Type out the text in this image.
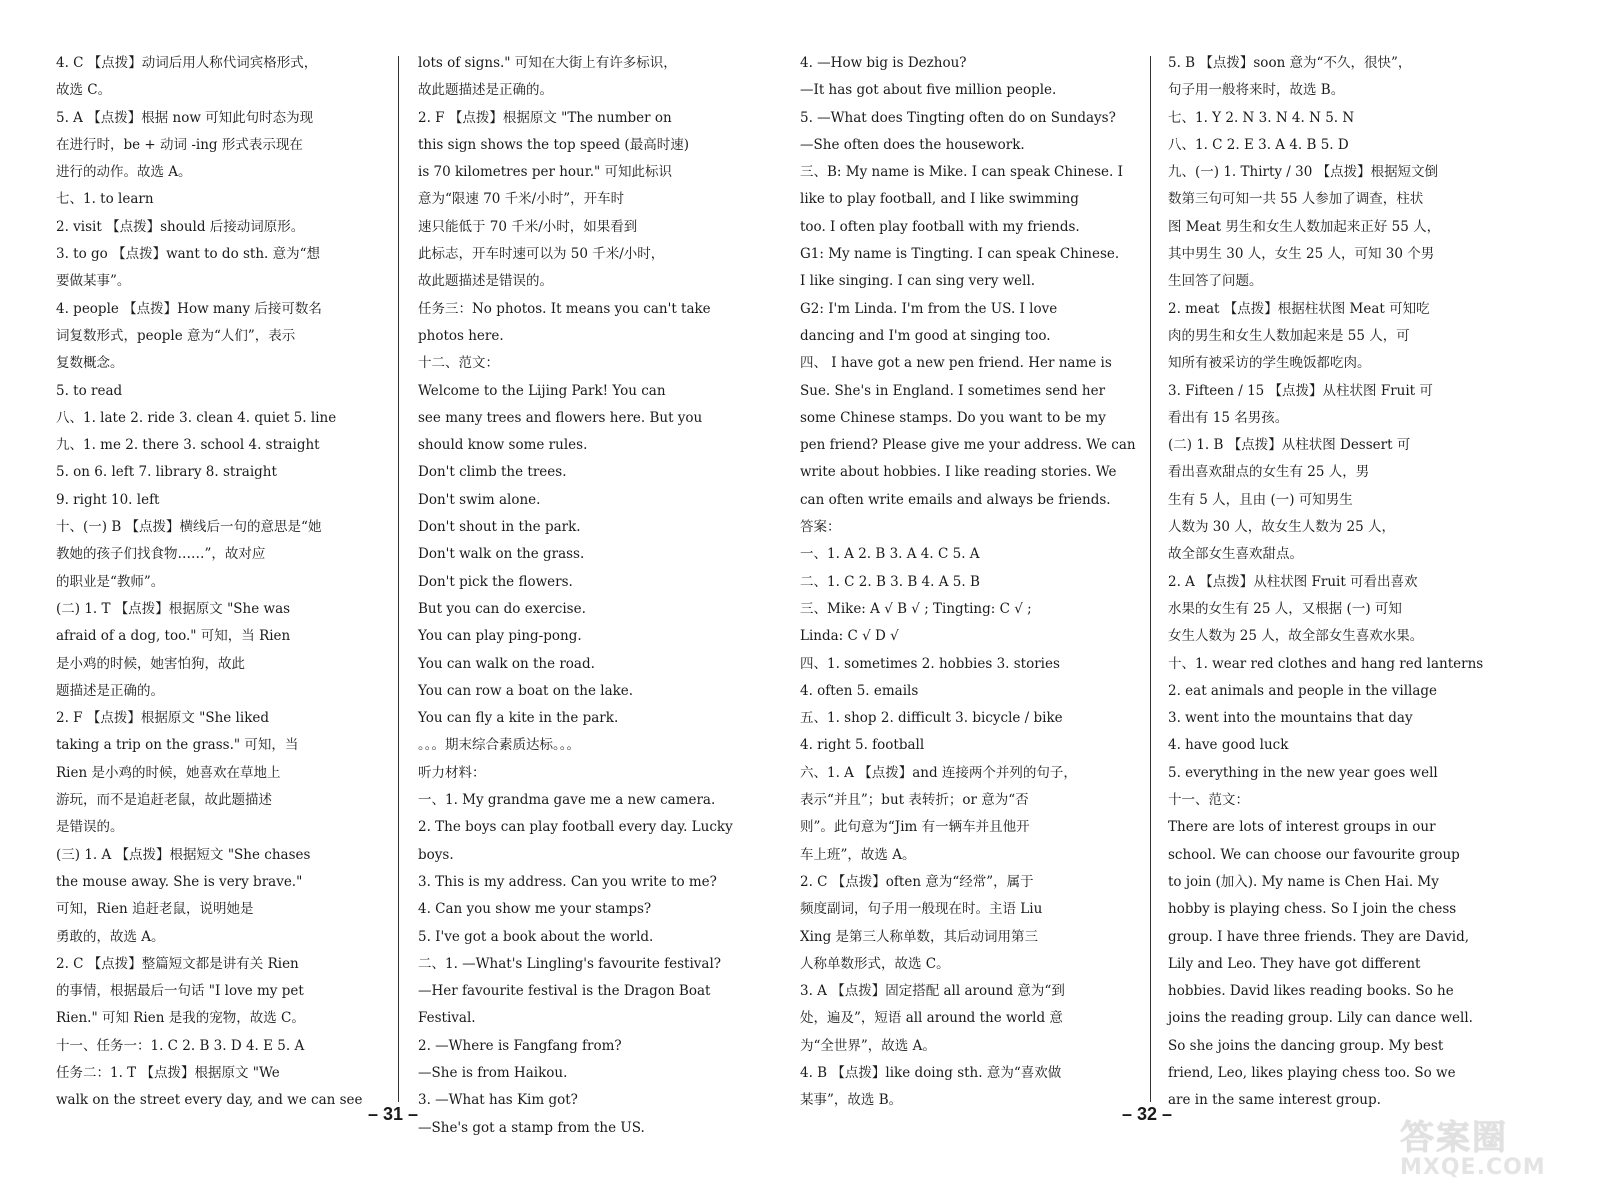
4. C 【点拨】动词后用人称代词宾格形式，
故选 C。
5. A 【点拨】根据 now 可知此句时态为现
在进行时，be + 动词 -ing 形式表示现在
进行的动作。故选 A。
七、1. to learn
2. visit 【点拨】should 后接动词原形。
3. to go 【点拨】want to do sth. 意为“想
要做某事”。
4. people 【点拨】How many 后接可数名
词复数形式，people 意为“人们”，表示
复数概念。
5. to read
八、1. late 2. ride 3. clean 4. quiet 5. line
九、1. me 2. there 3. school 4. straight
5. on 6. left 7. library 8. straight
9. right 10. left
十、(一) B 【点拨】横线后一句的意思是“她
教她的孩子们找食物……”，故对应
的职业是“教师”。
(二) 1. T 【点拨】根据原文 "She was
afraid of a dog, too." 可知，当 Rien
是小鸡的时候，她害怕狗，故此
题描述是正确的。
2. F 【点拨】根据原文 "She liked
taking a trip on the grass." 可知，当
Rien 是小鸡的时候，她喜欢在草地上
游玩，而不是追赶老鼠，故此题描述
是错误的。
(三) 1. A 【点拨】根据短文 "She chases
the mouse away. She is very brave."
可知，Rien 追赶老鼠，说明她是
勇敢的，故选 A。
2. C 【点拨】整篇短文都是讲有关 Rien
的事情，根据最后一句话 "I love my pet
Rien." 可知 Rien 是我的宠物，故选 C。
十一、任务一：1. C 2. B 3. D 4. E 5. A
任务二：1. T 【点拨】根据原文 "We
walk on the street every day, and we can see
lots of signs." 可知在大街上有许多标识，
故此题描述是正确的。
2. F 【点拨】根据原文 "The number on
this sign shows the top speed (最高时速)
is 70 kilometres per hour." 可知此标识
意为“限速 70 千米/小时”，开车时
速只能低于 70 千米/小时，如果看到
此标志，开车时速可以为 50 千米/小时，
故此题描述是错误的。
任务三：No photos. It means you can't take
photos here.
十二、范文：
Welcome to the Lijing Park! You can
see many trees and flowers here. But you
should know some rules.
Don't climb the trees.
Don't swim alone.
Don't shout in the park.
Don't walk on the grass.
Don't pick the flowers.
But you can do exercise.
You can play ping-pong.
You can walk on the road.
You can row a boat on the lake.
You can fly a kite in the park.
。。。期末综合素质达标。。。
听力材料：
一、1. My grandma gave me a new camera.
2. The boys can play football every day. Lucky
boys.
3. This is my address. Can you write to me?
4. Can you show me your stamps?
5. I've got a book about the world.
二、1. —What's Lingling's favourite festival?
—Her favourite festival is the Dragon Boat
Festival.
2. —Where is Fangfang from?
—She is from Haikou.
3. —What has Kim got?
—She's got a stamp from the US.
4. —How big is Dezhou?
—It has got about five million people.
5. —What does Tingting often do on Sundays?
—She often does the housework.
三、B: My name is Mike. I can speak Chinese. I
like to play football, and I like swimming
too. I often play football with my friends.
G1: My name is Tingting. I can speak Chinese.
I like singing. I can sing very well.
G2: I'm Linda. I'm from the US. I love
dancing and I'm good at singing too.
四、 I have got a new pen friend. Her name is
Sue. She's in England. I sometimes send her
some Chinese stamps. Do you want to be my
pen friend? Please give me your address. We can
write about hobbies. I like reading stories. We
can often write emails and always be friends.
答案：
一、1. A 2. B 3. A 4. C 5. A
二、1. C 2. B 3. B 4. A 5. B
三、Mike: A √ B √ ; Tingting: C √ ;
Linda: C √ D √
四、1. sometimes 2. hobbies 3. stories
4. often 5. emails
五、1. shop 2. difficult 3. bicycle / bike
4. right 5. football
六、1. A 【点拨】and 连接两个并列的句子，
表示“并且”；but 表转折；or 意为“否
则”。此句意为“Jim 有一辆车并且他开
车上班”，故选 A。
2. C 【点拨】often 意为“经常”，属于
频度副词，句子用一般现在时。主语 Liu
Xing 是第三人称单数，其后动词用第三
人称单数形式，故选 C。
3. A 【点拨】固定搭配 all around 意为“到
处，遍及”，短语 all around the world 意
为“全世界”，故选 A。
4. B 【点拨】like doing sth. 意为“喜欢做
某事”，故选 B。
5. B 【点拨】soon 意为“不久，很快”，
句子用一般将来时，故选 B。
七、1. Y 2. N 3. N 4. N 5. N
八、1. C 2. E 3. A 4. B 5. D
九、(一) 1. Thirty / 30 【点拨】根据短文倒
数第三句可知一共 55 人参加了调查，柱状
图 Meat 男生和女生人数加起来正好 55 人，
其中男生 30 人，女生 25 人，可知 30 个男
生回答了问题。
2. meat 【点拨】根据柱状图 Meat 可知吃
肉的男生和女生人数加起来是 55 人，可
知所有被采访的学生晚饭都吃肉。
3. Fifteen / 15 【点拨】从柱状图 Fruit 可
看出有 15 名男孩。
(二) 1. B 【点拨】从柱状图 Dessert 可
看出喜欢甜点的女生有 25 人，男
生有 5 人，且由 (一) 可知男生
人数为 30 人，故女生人数为 25 人，
故全部女生喜欢甜点。
2. A 【点拨】从柱状图 Fruit 可看出喜欢
水果的女生有 25 人，又根据 (一) 可知
女生人数为 25 人，故全部女生喜欢水果。
十、1. wear red clothes and hang red lanterns
2. eat animals and people in the village
3. went into the mountains that day
4. have good luck
5. everything in the new year goes well
十一、范文：
There are lots of interest groups in our
school. We can choose our favourite group
to join (加入). My name is Chen Hai. My
hobby is playing chess. So I join the chess
group. I have three friends. They are David,
Lily and Leo. They have got different
hobbies. David likes reading books. So he
joins the reading group. Lily can dance well.
So she joins the dancing group. My best
friend, Leo, likes playing chess too. So we
are in the same interest group.
– 31 –	– 32 –
答案圈
MXQE.COM
